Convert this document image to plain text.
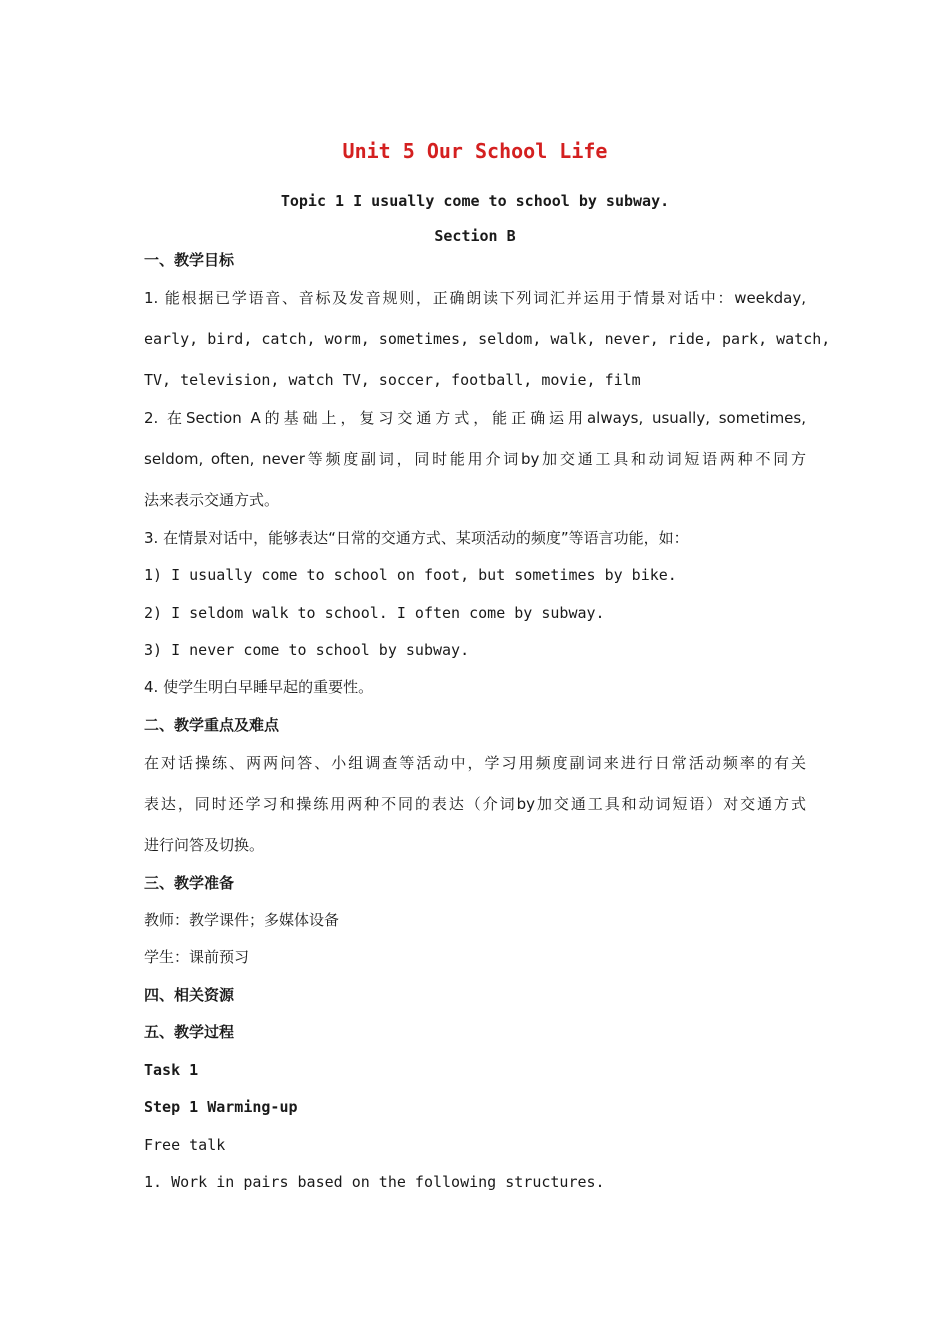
Unit 5 Our School Life
Topic 1 I usually come to school by subway.
Section B
一、教学目标
1. 能根据已学语音、音标及发音规则，正确朗读下列词汇并运用于情景对话中：weekday,
early, bird, catch, worm, sometimes, seldom, walk, never, ride, park, watch,
TV, television, watch TV, soccer, football, movie, film
2. 在Section A的基础上，复习交通方式，能正确运用always, usually, sometimes,
seldom, often, never等频度副词，同时能用介词by加交通工具和动词短语两种不同方
法来表示交通方式。
3. 在情景对话中，能够表达“日常的交通方式、某项活动的频度”等语言功能，如：
1) I usually come to school on foot, but sometimes by bike.
2) I seldom walk to school. I often come by subway.
3) I never come to school by subway.
4. 使学生明白早睡早起的重要性。
二、教学重点及难点
在对话操练、两两问答、小组调查等活动中，学习用频度副词来进行日常活动频率的有关
表达，同时还学习和操练用两种不同的表达（介词by加交通工具和动词短语）对交通方式
进行问答及切换。
三、教学准备
教师：教学课件；多媒体设备
学生：课前预习
四、相关资源
五、教学过程
Task 1
Step 1 Warming-up
Free talk
1. Work in pairs based on the following structures.
